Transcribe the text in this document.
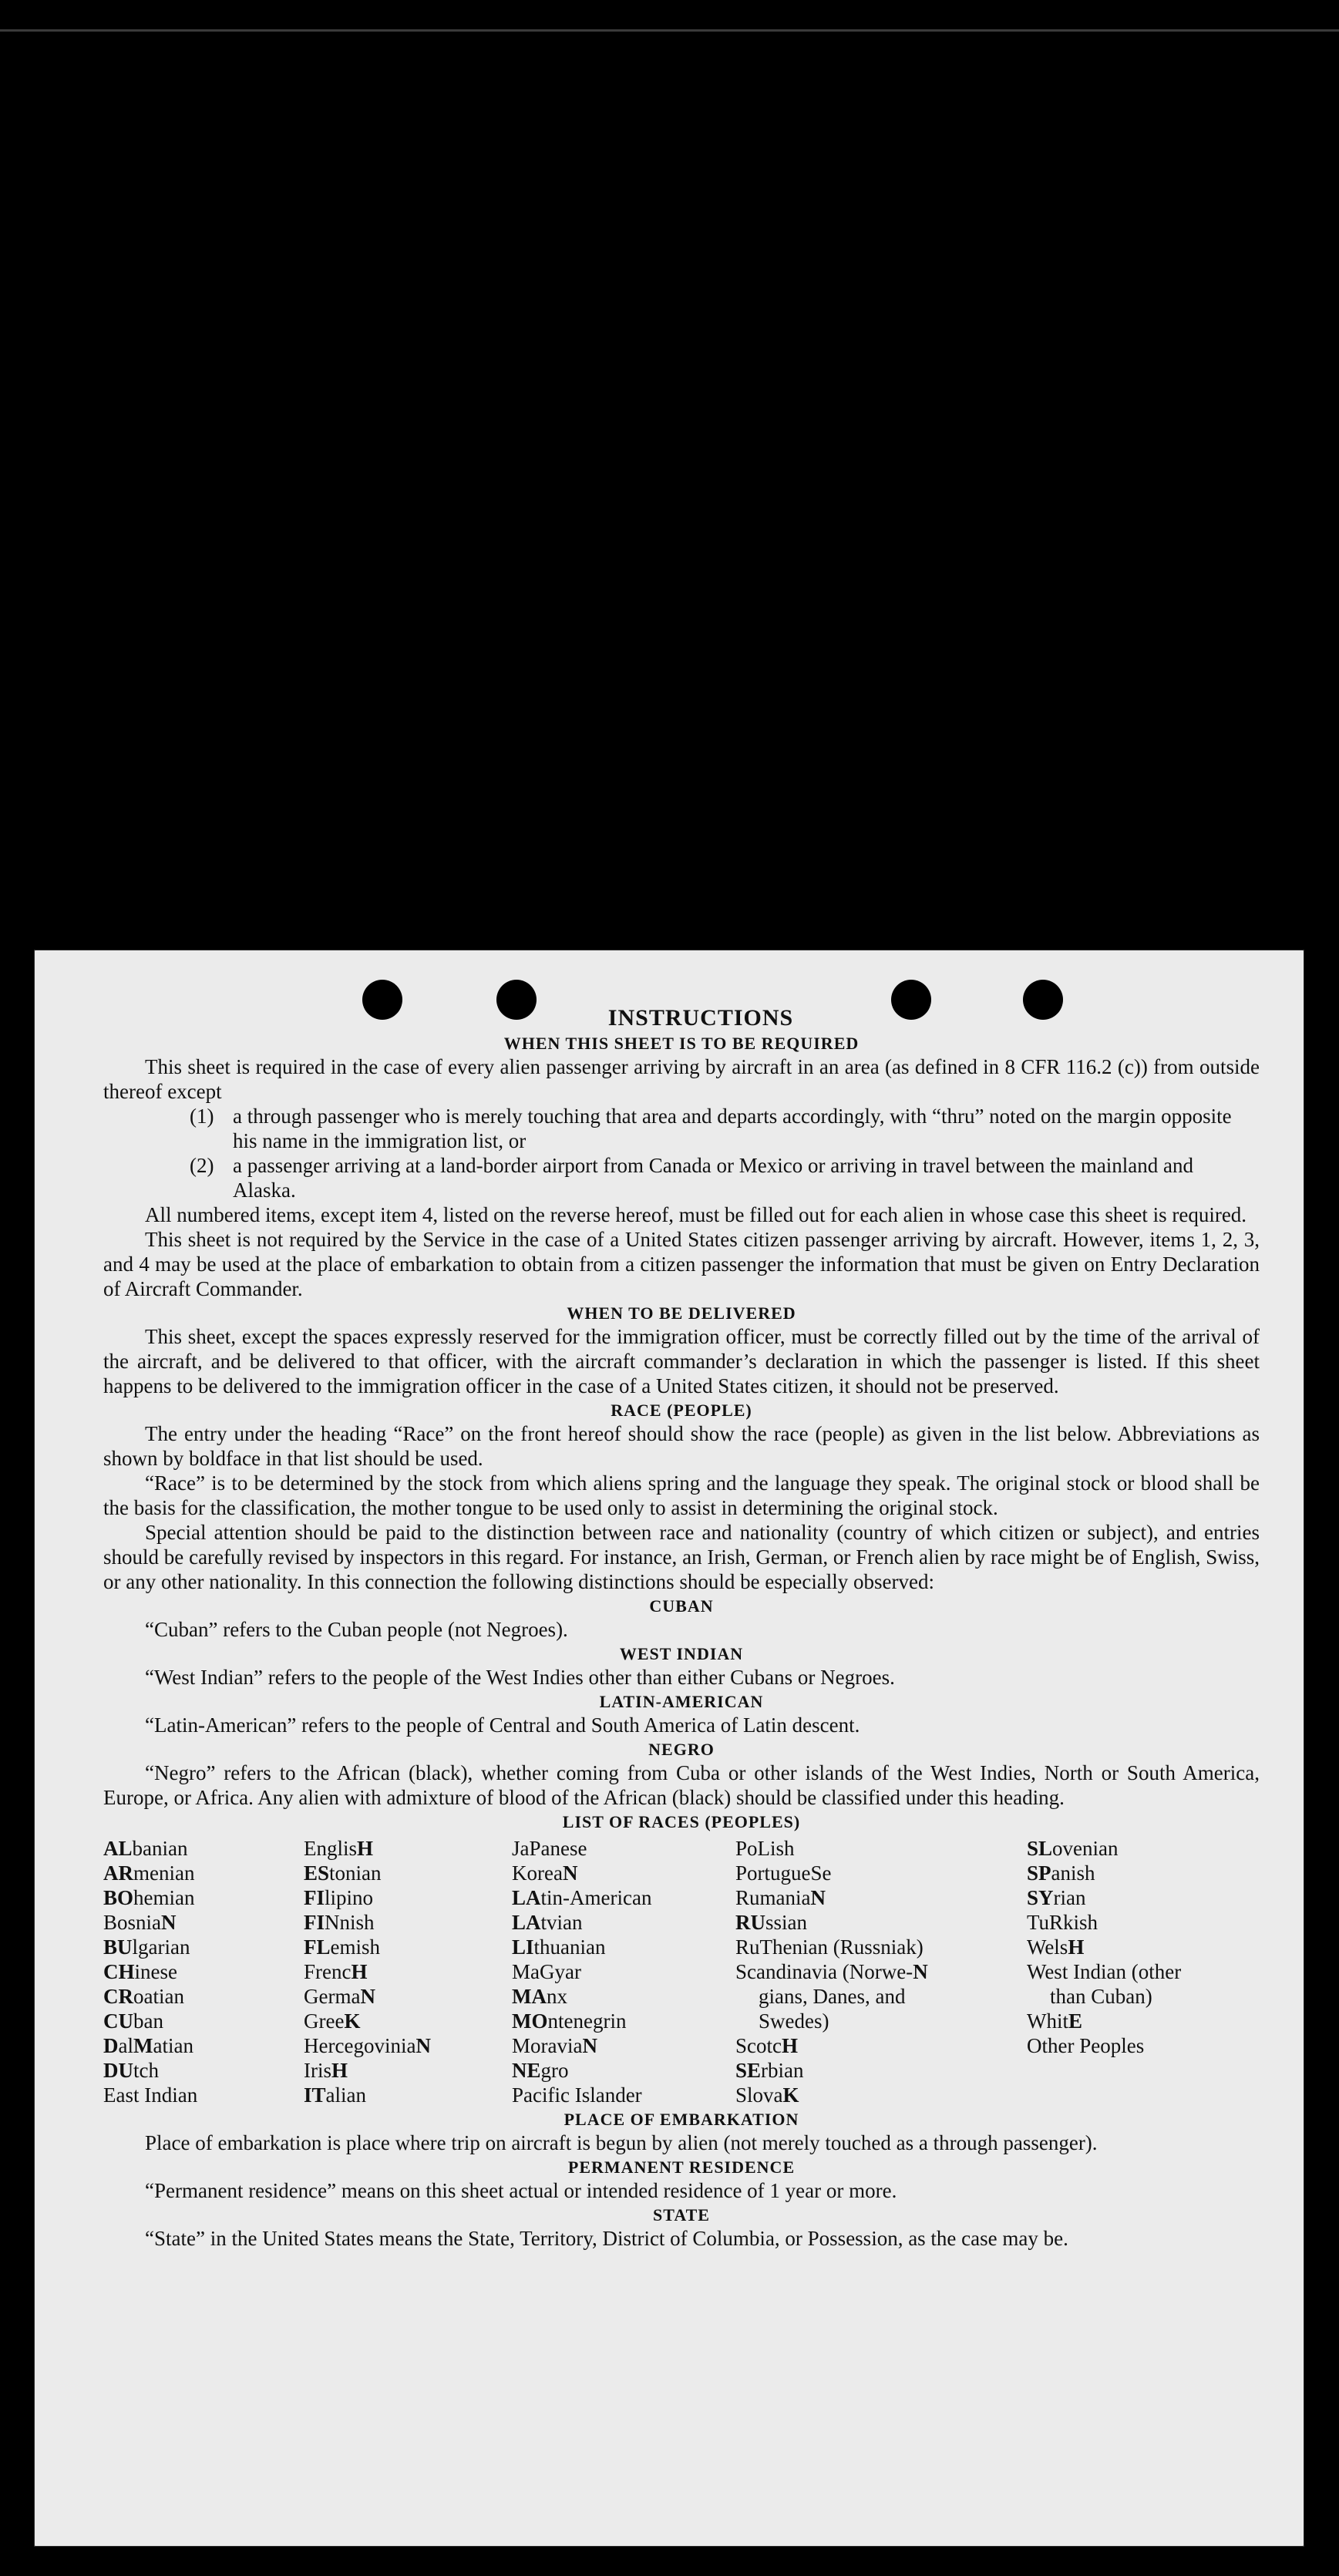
INSTRUCTIONS
WHEN THIS SHEET IS TO BE REQUIRED

This sheet is required in the case of every alien passenger arriving by aircraft in an area (as defined in 8 CFR 116.2 (c)) from outside thereof except

(1) a through passenger who is merely touching that area and departs accordingly, with “thru” noted on the margin opposite his name in the immigration list, or
(2) a passenger arriving at a land-border airport from Canada or Mexico or arriving in travel between the mainland and Alaska.

All numbered items, except item 4, listed on the reverse hereof, must be filled out for each alien in whose case this sheet is required.

This sheet is not required by the Service in the case of a United States citizen passenger arriving by aircraft. However, items 1, 2, 3, and 4 may be used at the place of embarkation to obtain from a citizen passenger the information that must be given on Entry Declaration of Aircraft Commander.

WHEN TO BE DELIVERED

This sheet, except the spaces expressly reserved for the immigration officer, must be correctly filled out by the time of the arrival of the aircraft, and be delivered to that officer, with the aircraft commander’s declaration in which the passenger is listed. If this sheet happens to be delivered to the immigration officer in the case of a United States citizen, it should not be preserved.

RACE (PEOPLE)

The entry under the heading “Race” on the front hereof should show the race (people) as given in the list below. Abbreviations as shown by boldface in that list should be used.

“Race” is to be determined by the stock from which aliens spring and the language they speak. The original stock or blood shall be the basis for the classification, the mother tongue to be used only to assist in determining the original stock.

Special attention should be paid to the distinction between race and nationality (country of which citizen or subject), and entries should be carefully revised by inspectors in this regard. For instance, an Irish, German, or French alien by race might be of English, Swiss, or any other nationality. In this connection the following distinctions should be especially observed:

CUBAN

“Cuban” refers to the Cuban people (not Negroes).

WEST INDIAN

“West Indian” refers to the people of the West Indies other than either Cubans or Negroes.

LATIN-AMERICAN

“Latin-American” refers to the people of Central and South America of Latin descent.

NEGRO

“Negro” refers to the African (black), whether coming from Cuba or other islands of the West Indies, North or South America, Europe, or Africa. Any alien with admixture of blood of the African (black) should be classified under this heading.

LIST OF RACES (PEOPLES)
ALbanian
ARmenian
BOhemian
BosniaN
BUlgarian
CHinese
CRoatian
CUban
DalMatian
DUtch
East Indian
EnglisH
EStonian
FIlipino
FINnish
FLemish
FrencH
GermaN
GreeK
HercegoviniaN
IrisH
ITalian
JaPanese
KoreaN
LAtin-American
LAtvian
LIthuanian
MaGyar
MAnx
MOntenegrin
MoraviaN
NEgro
Pacific Islander
PoLish
PortugueSe
RumaniaN
RUssian
RuThenian (Russniak)
Scandinavia (Norwe-N
gians, Danes, and
Swedes)
ScotcH
SErbian
SlovaK
SLovenian
SPanish
SYrian
TuRkish
WelsH
West Indian (other
than Cuban)
WhitE
Other Peoples
PLACE OF EMBARKATION

Place of embarkation is place where trip on aircraft is begun by alien (not merely touched as a through passenger).

PERMANENT RESIDENCE

“Permanent residence” means on this sheet actual or intended residence of 1 year or more.

STATE

“State” in the United States means the State, Territory, District of Columbia, or Possession, as the case may be.
